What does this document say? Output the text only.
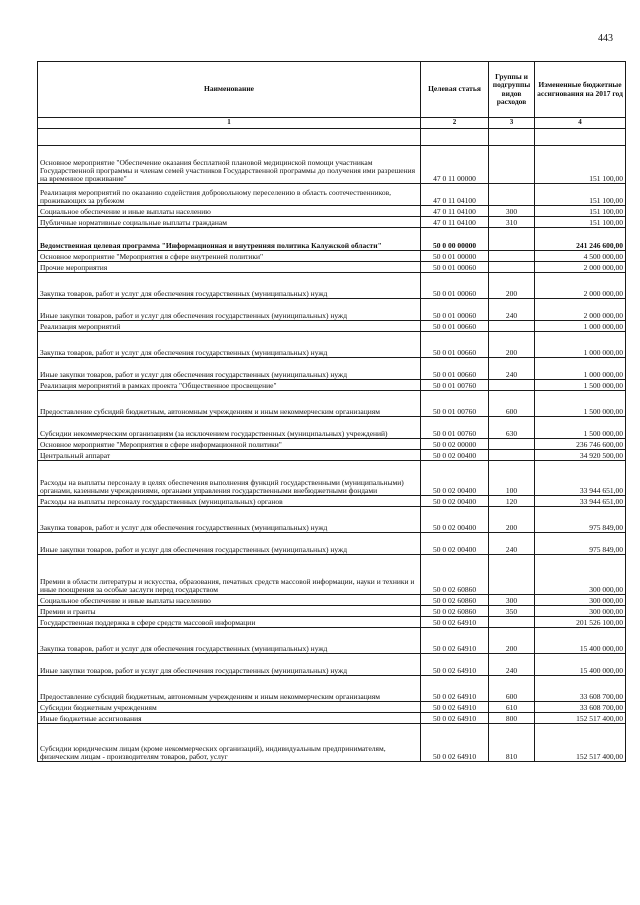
443
Наименование	Целевая статья	Группы и подгруппы видов расходов	Измененные бюджетные ассигнования на 2017 год
1	2	3	4

Основное мероприятие "Обеспечение оказания бесплатной плановой медицинской помощи участникам Государственной программы и членам семей участников Государственной программы до получения ими разрешения на временное проживание"	47 0 11 00000		151 100,00
Реализация мероприятий по оказанию содействия добровольному переселению в область соотечественников, проживающих за рубежом	47 0 11 04100		151 100,00
Социальное обеспечение и иные выплаты населению	47 0 11 04100	300	151 100,00
Публичные нормативные социальные выплаты гражданам	47 0 11 04100	310	151 100,00
Ведомственная целевая программа "Информационная и внутренняя политика Калужской области"	50 0 00 00000		241 246 600,00
Основное мероприятие "Мероприятия в сфере внутренней политики"	50 0 01 00000		4 500 000,00
Прочие мероприятия	50 0 01 00060		2 000 000,00
Закупка товаров, работ и услуг для обеспечения государственных (муниципальных) нужд	50 0 01 00060	200	2 000 000,00
Иные закупки товаров, работ и услуг для обеспечения государственных (муниципальных) нужд	50 0 01 00060	240	2 000 000,00
Реализация мероприятий	50 0 01 00660		1 000 000,00
Закупка товаров, работ и услуг для обеспечения государственных (муниципальных) нужд	50 0 01 00660	200	1 000 000,00
Иные закупки товаров, работ и услуг для обеспечения государственных (муниципальных) нужд	50 0 01 00660	240	1 000 000,00
Реализация мероприятий в рамках проекта "Общественное просвещение"	50 0 01 00760		1 500 000,00
Предоставление субсидий бюджетным, автономным учреждениям и иным некоммерческим организациям	50 0 01 00760	600	1 500 000,00
Субсидии некоммерческим организациям (за исключением государственных (муниципальных) учреждений)	50 0 01 00760	630	1 500 000,00
Основное мероприятие "Мероприятия в сфере информационной политики"	50 0 02 00000		236 746 600,00
Центральный аппарат	50 0 02 00400		34 920 500,00
Расходы на выплаты персоналу в целях обеспечения выполнения функций государственными (муниципальными) органами, казенными учреждениями, органами управления государственными внебюджетными фондами	50 0 02 00400	100	33 944 651,00
Расходы на выплаты персоналу государственных (муниципальных) органов	50 0 02 00400	120	33 944 651,00
Закупка товаров, работ и услуг для обеспечения государственных (муниципальных) нужд	50 0 02 00400	200	975 849,00
Иные закупки товаров, работ и услуг для обеспечения государственных (муниципальных) нужд	50 0 02 00400	240	975 849,00
Премии в области литературы и искусства, образования, печатных средств массовой информации, науки и техники и иные поощрения за особые заслуги перед государством	50 0 02 60860		300 000,00
Социальное обеспечение и иные выплаты населению	50 0 02 60860	300	300 000,00
Премии и гранты	50 0 02 60860	350	300 000,00
Государственная поддержка в сфере средств массовой информации	50 0 02 64910		201 526 100,00
Закупка товаров, работ и услуг для обеспечения государственных (муниципальных) нужд	50 0 02 64910	200	15 400 000,00
Иные закупки товаров, работ и услуг для обеспечения государственных (муниципальных) нужд	50 0 02 64910	240	15 400 000,00
Предоставление субсидий бюджетным, автономным учреждениям и иным некоммерческим организациям	50 0 02 64910	600	33 608 700,00
Субсидии бюджетным учреждениям	50 0 02 64910	610	33 608 700,00
Иные бюджетные ассигнования	50 0 02 64910	800	152 517 400,00
Субсидии юридическим лицам (кроме некоммерческих организаций), индивидуальным предпринимателям, физическим лицам - производителям товаров, работ, услуг	50 0 02 64910	810	152 517 400,00
